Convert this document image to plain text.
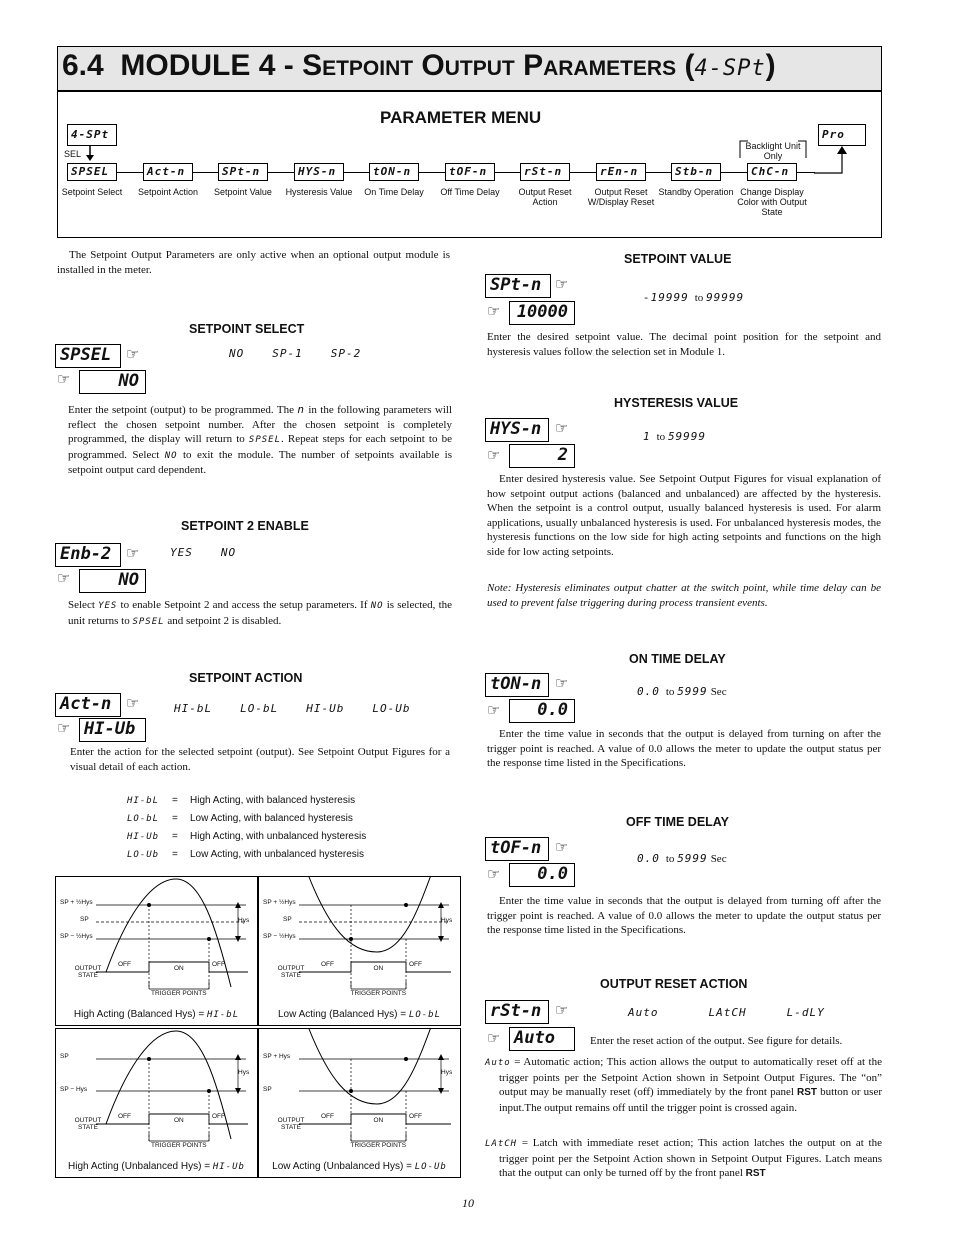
6.4 MODULE 4 - Setpoint Output Parameters (4-SPt)
PARAMETER MENU
4-SPt
SEL
SPSEL
Setpoint Select
Act-n
Setpoint Action
SPt-n
Setpoint Value
HYS-n
Hysteresis Value
tON-n
On Time Delay
tOF-n
Off Time Delay
rSt-n
Output Reset Action
rEn-n
Output Reset W/Display Reset
Stb-n
Standby Operation
ChC-n
Change Display Color with Output State
Backlight Unit Only
Pro
The Setpoint Output Parameters are only active when an optional output module is installed in the meter.
SETPOINT SELECT
SPSEL ☞
☞	NO
NO	SP-1	SP-2
Enter the setpoint (output) to be programmed. The n in the following parameters will reflect the chosen setpoint number. After the chosen setpoint is completely programmed, the display will return to SPSEL. Repeat steps for each setpoint to be programmed. Select NO to exit the module. The number of setpoints available is setpoint output card dependent.
SETPOINT 2 ENABLE
Enb-2 ☞
☞	NO
YES	NO
Select YES to enable Setpoint 2 and access the setup parameters. If NO is selected, the unit returns to SPSEL and setpoint 2 is disabled.
SETPOINT ACTION
Act-n ☞
☞ HI-Ub
HI-bL	LO-bL	HI-Ub	LO-Ub
Enter the action for the selected setpoint (output). See Setpoint Output Figures for a visual detail of each action.
HI-bL = High Acting, with balanced hysteresis
LO-bL = Low Acting, with balanced hysteresis
HI-Ub = High Acting, with unbalanced hysteresis
LO-Ub = Low Acting, with unbalanced hysteresis
SP + ½Hys
SP
SP − ½Hys
Hys
OUTPUT STATE
OFF
ON
OFF
TRIGGER POINTS
High Acting (Balanced Hys) = HI-bL
SP + ½Hys
SP
SP − ½Hys
Hys
OUTPUT STATE
OFF
ON
OFF
TRIGGER POINTS
Low Acting (Balanced Hys) = LO-bL
SP
SP − Hys
Hys
OUTPUT STATE
OFF
ON
OFF
TRIGGER POINTS
High Acting (Unbalanced Hys) = HI-Ub
SP + Hys
SP
Hys
OUTPUT STATE
OFF
ON
OFF
TRIGGER POINTS
Low Acting (Unbalanced Hys) = LO-Ub
SETPOINT VALUE
SPt-n ☞
☞ 10000
-19999 to 99999
Enter the desired setpoint value. The decimal point position for the setpoint and hysteresis values follow the selection set in Module 1.
HYSTERESIS VALUE
HYS-n ☞
☞	2
1 to 59999
Enter desired hysteresis value. See Setpoint Output Figures for visual explanation of how setpoint output actions (balanced and unbalanced) are affected by the hysteresis. When the setpoint is a control output, usually balanced hysteresis is used. For alarm applications, usually unbalanced hysteresis is used. For unbalanced hysteresis modes, the hysteresis functions on the low side for high acting setpoints and functions on the high side for low acting setpoints.
Note: Hysteresis eliminates output chatter at the switch point, while time delay can be used to prevent false triggering during process transient events.
ON TIME DELAY
tON-n ☞
☞	0.0
0.0 to 5999 Sec
Enter the time value in seconds that the output is delayed from turning on after the trigger point is reached. A value of 0.0 allows the meter to update the output status per the response time listed in the Specifications.
OFF TIME DELAY
tOF-n ☞
☞	0.0
0.0 to 5999 Sec
Enter the time value in seconds that the output is delayed from turning off after the trigger point is reached. A value of 0.0 allows the meter to update the output status per the response time listed in the Specifications.
OUTPUT RESET ACTION
rSt-n ☞
☞ Auto
Auto	LAtCH	L-dLY
Enter the reset action of the output. See figure for details.
Auto = Automatic action; This action allows the output to automatically reset off at the trigger points per the Setpoint Action shown in Setpoint Output Figures. The “on” output may be manually reset (off) immediately by the front panel RST button or user input.The output remains off until the trigger point is crossed again.
LAtCH = Latch with immediate reset action; This action latches the output on at the trigger point per the Setpoint Action shown in Setpoint Output Figures. Latch means that the output can only be turned off by the front panel RST
10
